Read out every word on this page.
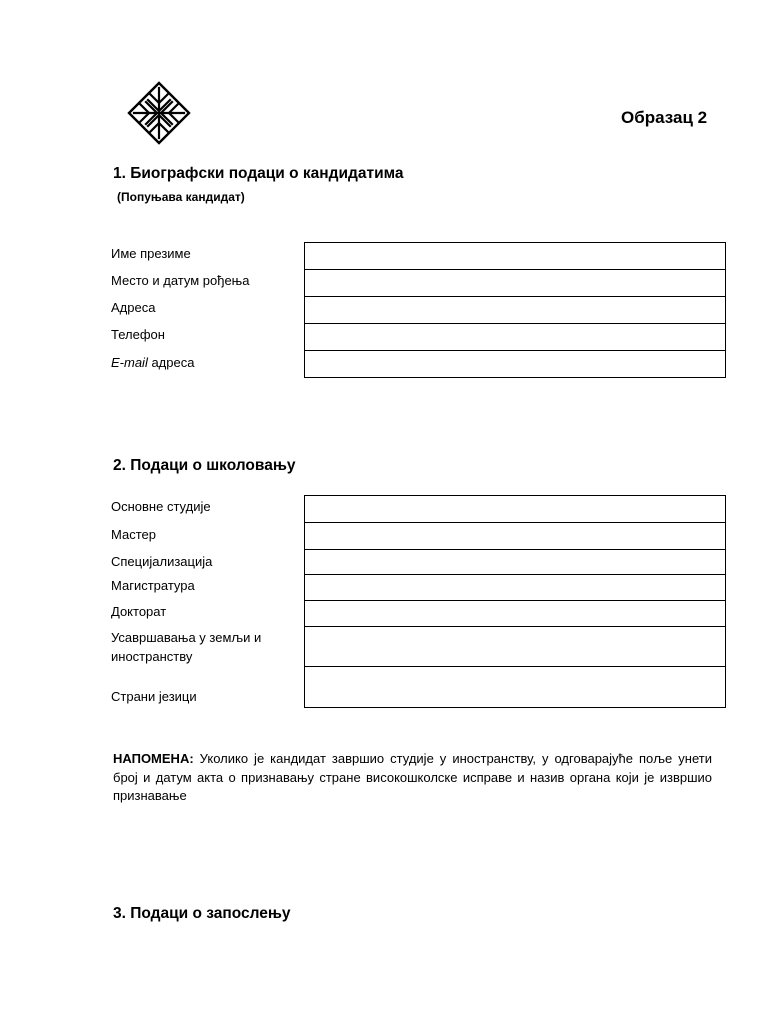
Образац 2
1. Биографски подаци о кандидатима
(Попуњава кандидат)
Име презиме
Место и датум рођења
Адреса
Телефон
E-mail адреса

2. Подаци о школовању
Основне студије
Мастер
Специјализација
Магистратура
Докторат
Усавршавања у земљи и
иностранству
Страни језици

НАПОМЕНА: Уколико је кандидат завршио студије у иностранству, у одговарајуће поље унети број и датум акта о признавању стране високошколске исправе и назив органа који је извршио признавање
3. Подаци о запослењу
